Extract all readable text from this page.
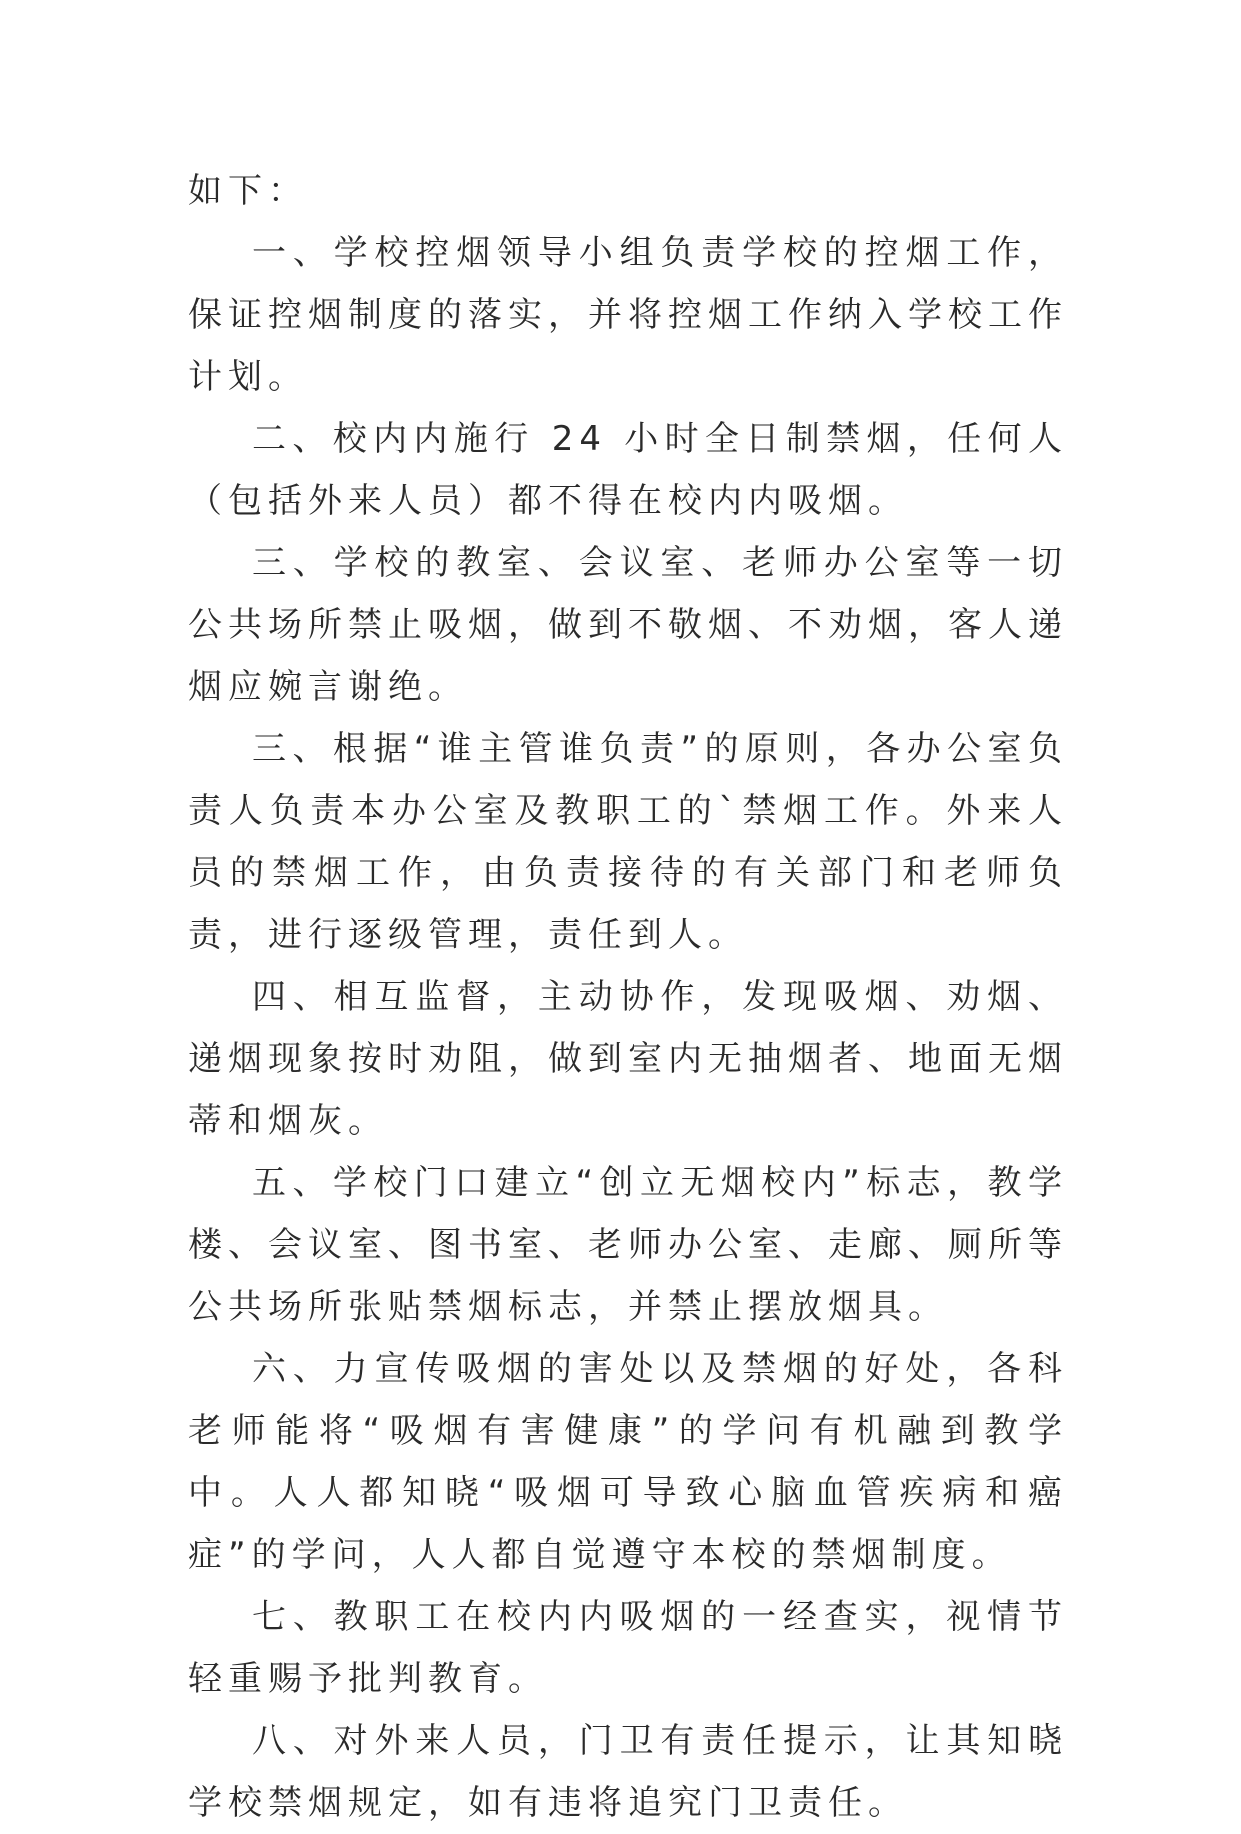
如下：

一、学校控烟领导小组负责学校的控烟工作，保证控烟制度的落实，并将控烟工作纳入学校工作计划。

二、校内内施行 24 小时全日制禁烟，任何人（包括外来人员）都不得在校内内吸烟。

三、学校的教室、会议室、老师办公室等一切公共场所禁止吸烟，做到不敬烟、不劝烟，客人递烟应婉言谢绝。

三、根据“谁主管谁负责”的原则，各办公室负责人负责本办公室及教职工的`禁烟工作。外来人员的禁烟工作，由负责接待的有关部门和老师负责，进行逐级管理，责任到人。

四、相互监督，主动协作，发现吸烟、劝烟、递烟现象按时劝阻，做到室内无抽烟者、地面无烟蒂和烟灰。

五、学校门口建立“创立无烟校内”标志，教学楼、会议室、图书室、老师办公室、走廊、厕所等公共场所张贴禁烟标志，并禁止摆放烟具。

六、力宣传吸烟的害处以及禁烟的好处，各科老师能将“吸烟有害健康”的学问有机融到教学中。人人都知晓“吸烟可导致心脑血管疾病和癌症”的学问，人人都自觉遵守本校的禁烟制度。

七、教职工在校内内吸烟的一经查实，视情节轻重赐予批判教育。

八、对外来人员，门卫有责任提示，让其知晓学校禁烟规定，如有违将追究门卫责任。
